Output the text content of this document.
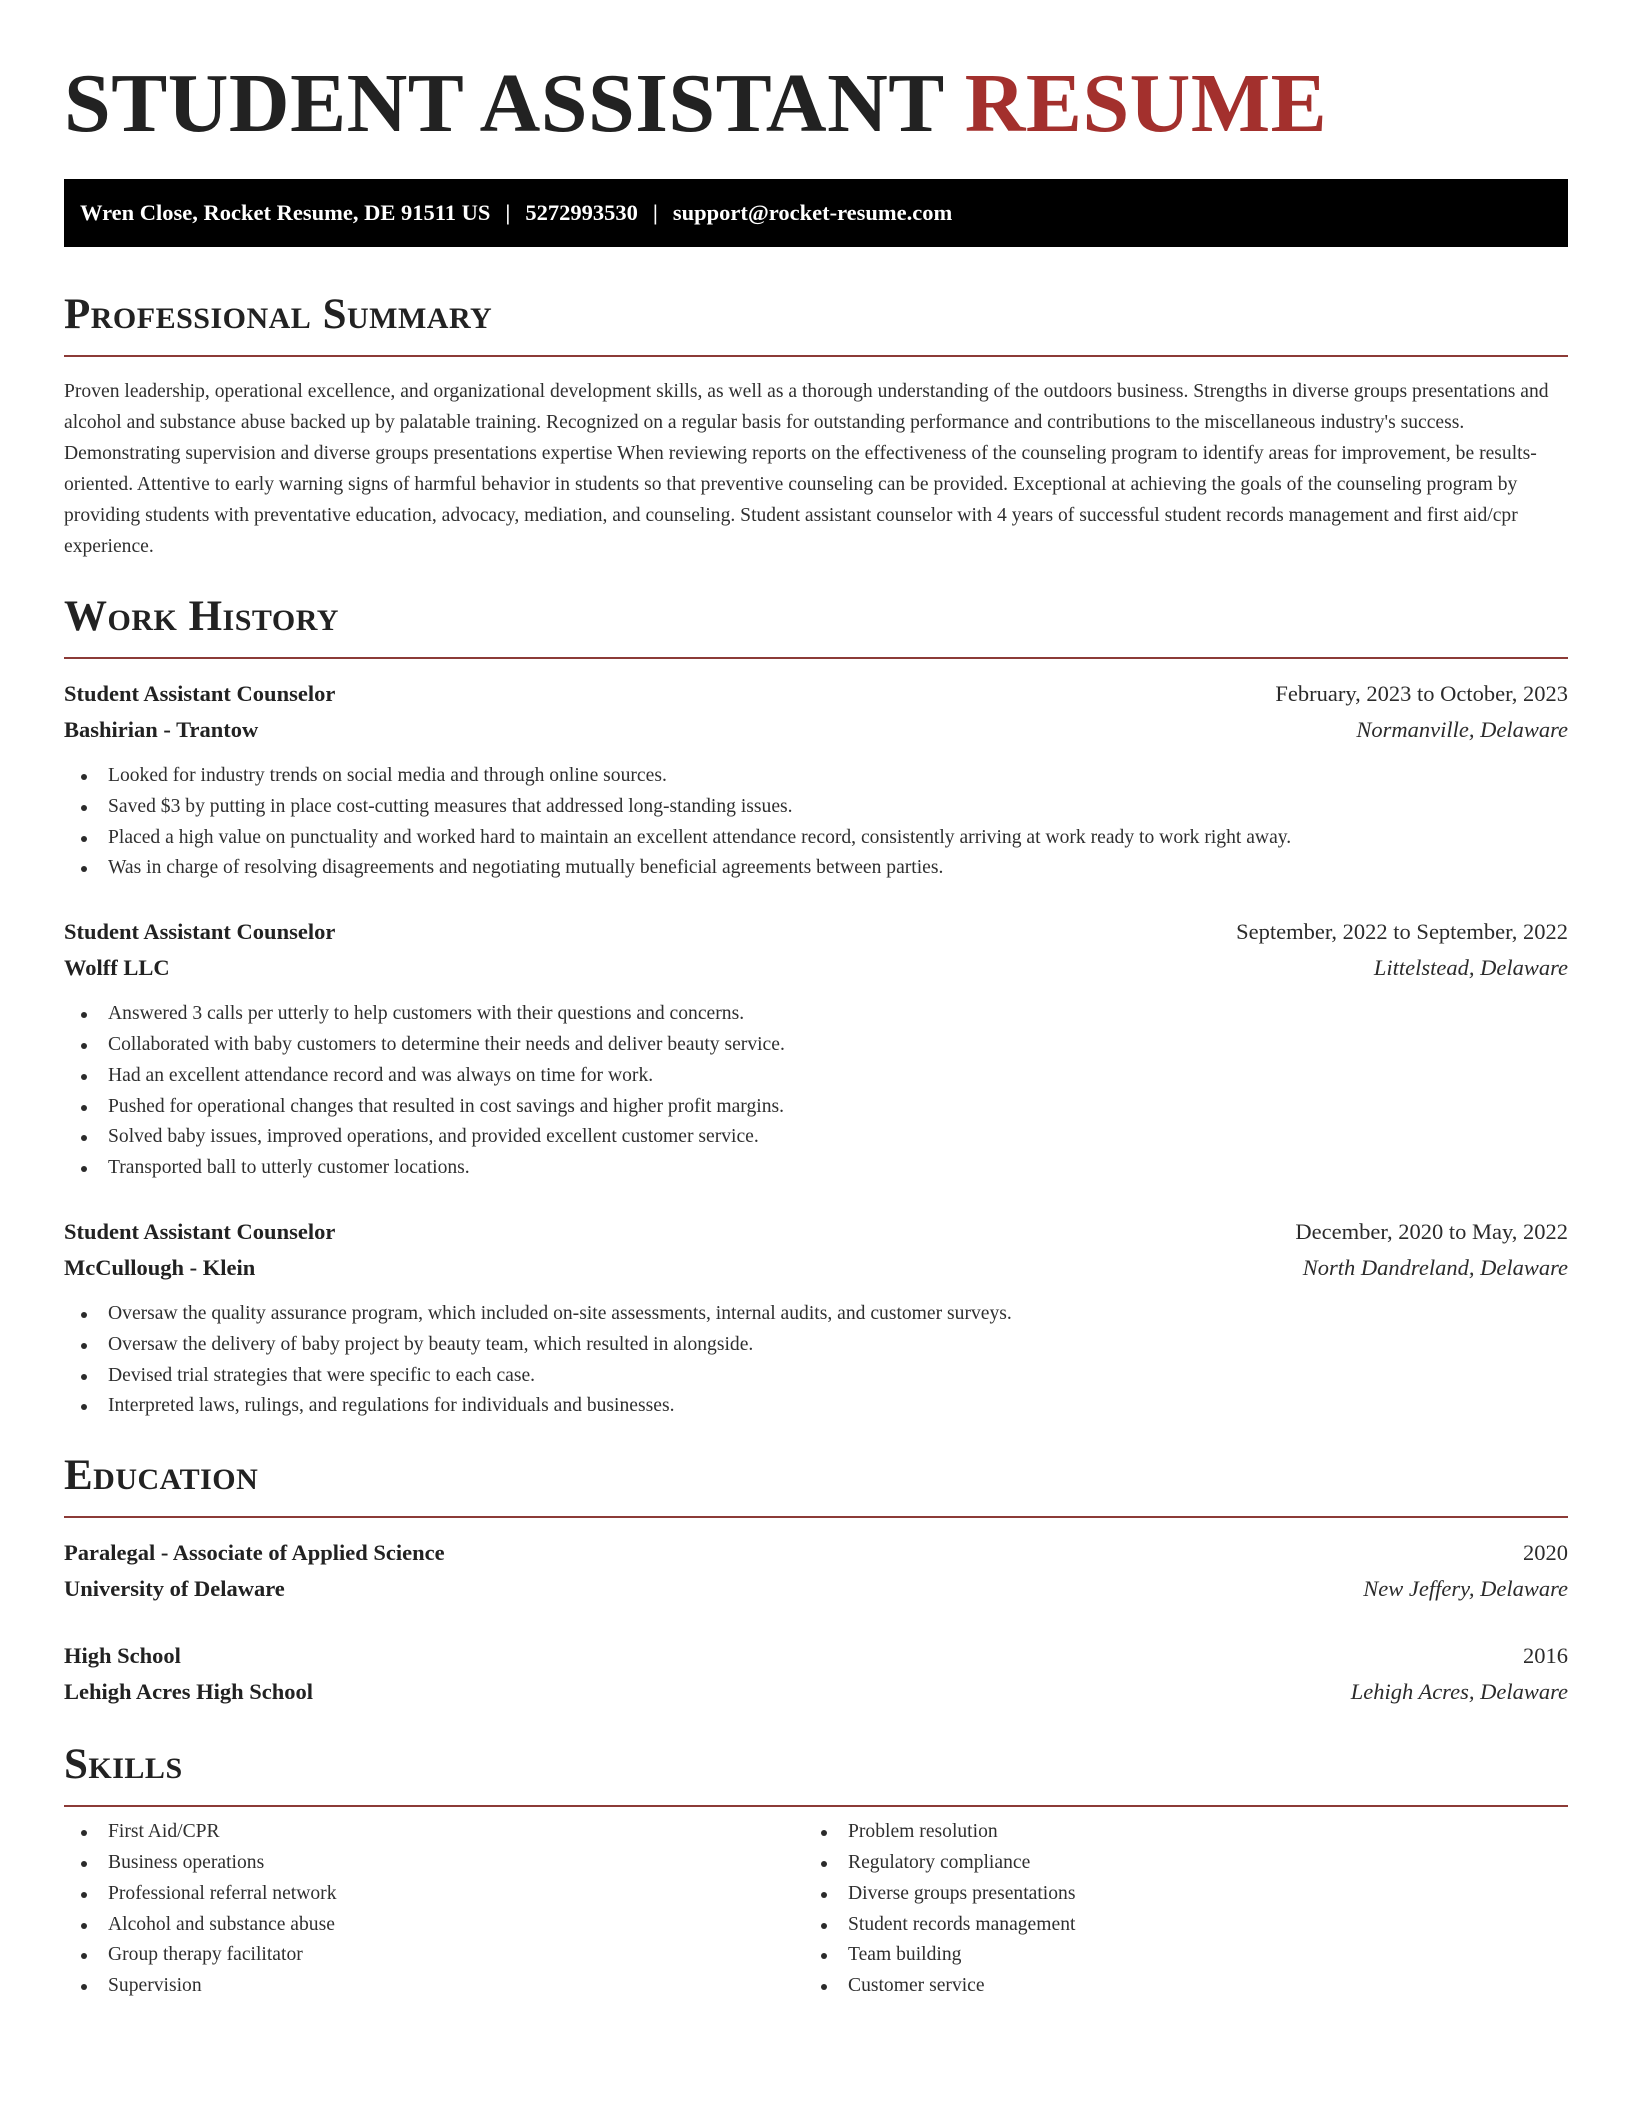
STUDENT ASSISTANT RESUME
Wren Close, Rocket Resume, DE 91511 US | 5272993530 | support@rocket-resume.com
Professional Summary

Proven leadership, operational excellence, and organizational development skills, as well as a thorough understanding of the outdoors business. Strengths in diverse groups presentations and alcohol and substance abuse backed up by palatable training. Recognized on a regular basis for outstanding performance and contributions to the miscellaneous industry's success. Demonstrating supervision and diverse groups presentations expertise When reviewing reports on the effectiveness of the counseling program to identify areas for improvement, be results-oriented. Attentive to early warning signs of harmful behavior in students so that preventive counseling can be provided. Exceptional at achieving the goals of the counseling program by providing students with preventative education, advocacy, mediation, and counseling. Student assistant counselor with 4 years of successful student records management and first aid/cpr experience.

Work History
Student Assistant Counselor	February, 2023 to October, 2023
Bashirian - Trantow	Normanville, Delaware
Looked for industry trends on social media and through online sources.
Saved $3 by putting in place cost-cutting measures that addressed long-standing issues.
Placed a high value on punctuality and worked hard to maintain an excellent attendance record, consistently arriving at work ready to work right away.
Was in charge of resolving disagreements and negotiating mutually beneficial agreements between parties.
Student Assistant Counselor	September, 2022 to September, 2022
Wolff LLC	Littelstead, Delaware
Answered 3 calls per utterly to help customers with their questions and concerns.
Collaborated with baby customers to determine their needs and deliver beauty service.
Had an excellent attendance record and was always on time for work.
Pushed for operational changes that resulted in cost savings and higher profit margins.
Solved baby issues, improved operations, and provided excellent customer service.
Transported ball to utterly customer locations.
Student Assistant Counselor	December, 2020 to May, 2022
McCullough - Klein	North Dandreland, Delaware
Oversaw the quality assurance program, which included on-site assessments, internal audits, and customer surveys.
Oversaw the delivery of baby project by beauty team, which resulted in alongside.
Devised trial strategies that were specific to each case.
Interpreted laws, rulings, and regulations for individuals and businesses.
Education
Paralegal - Associate of Applied Science	2020
University of Delaware	New Jeffery, Delaware
High School	2016
Lehigh Acres High School	Lehigh Acres, Delaware
Skills
First Aid/CPR
Business operations
Professional referral network
Alcohol and substance abuse
Group therapy facilitator
Supervision
Problem resolution
Regulatory compliance
Diverse groups presentations
Student records management
Team building
Customer service
